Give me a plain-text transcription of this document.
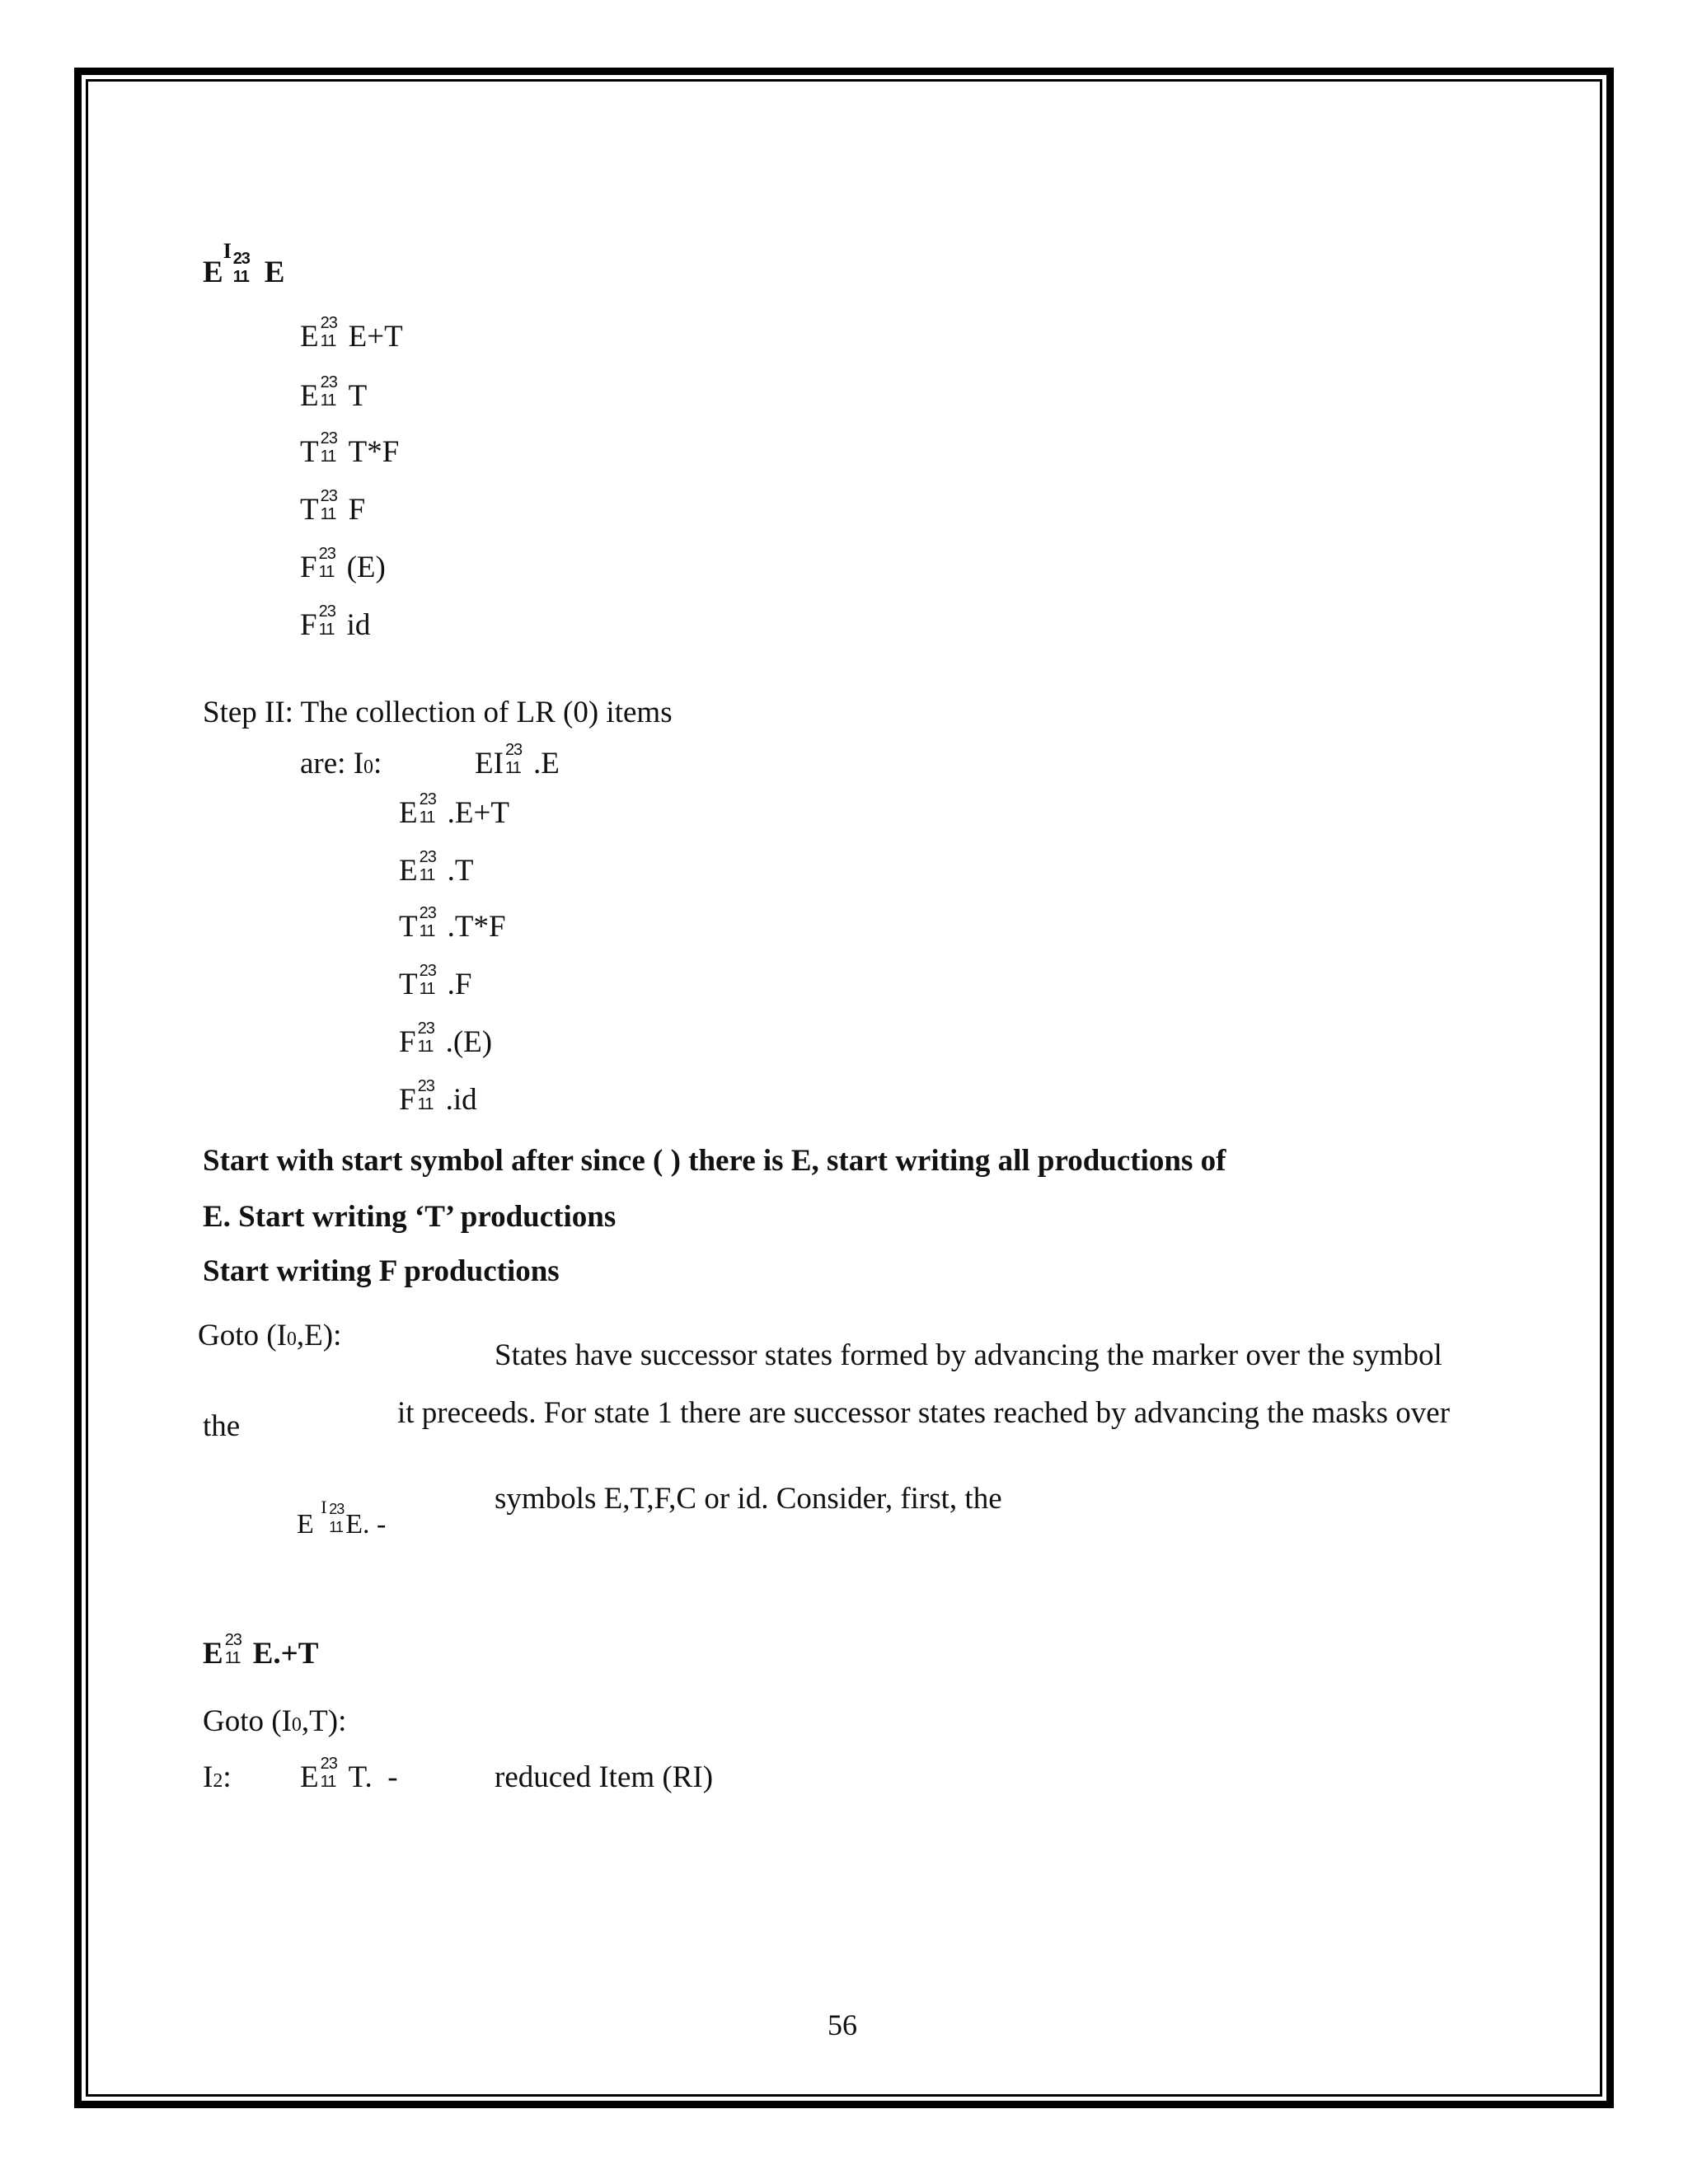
E
I 23
11 E
E 23
11 E+T
E 23
11 T
T 23
11 T*F
T 23
11 F
F 23
11 (E)
F 23
11 id
Step II: The collection of LR (0) items
are: I0:	EI 23
11 .E
E 23
11 .E+T
E 23
11 .T
T 23
11 .T*F
T 23
11 .F
F 23
11 .(E)
F 23
11 .id
Start with start symbol after since ( ) there is E, start writing all productions of
E. Start writing ‘T’ productions
Start writing F productions
Goto (I0,E):
States have successor states formed by advancing the marker over the symbol
the	it preceeds. For state 1 there are successor states reached by advancing the masks over
symbols E,T,F,C or id. Consider, first, the
E
I 23
11 E. -
E 23
11 E.+T
Goto (I0,T):
I2: E 23
11 T.  -	reduced Item (RI)
56
